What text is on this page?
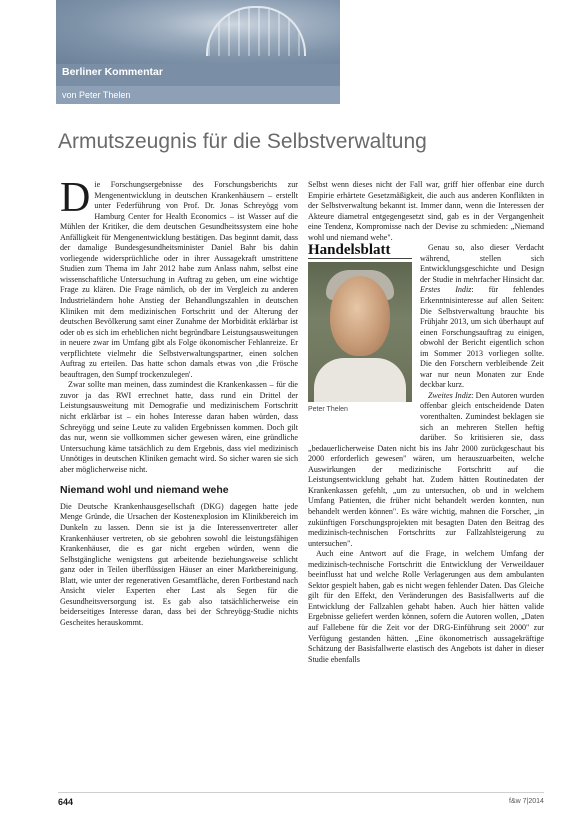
Berliner Kommentar
von Peter Thelen
Armutszeugnis für die Selbstverwaltung

Die Forschungsergebnisse des Forschungsberichts zur Mengenentwicklung in deutschen Krankenhäusern – erstellt unter Federführung von Prof. Dr. Jonas Schreyögg vom Hamburg Center for Health Economics – ist Wasser auf die Mühlen der Kritiker, die dem deutschen Gesundheitssystem eine hohe Anfälligkeit für Mengenentwicklung bestätigen. Das beginnt damit, dass der damalige Bundesgesundheitsminister Daniel Bahr bis dahin vorliegende widersprüchliche oder in ihrer Aussagekraft umstrittene Studien zum Thema im Jahr 2012 habe zum Anlass nahm, selbst eine wissenschaftliche Untersuchung in Auftrag zu geben, um eine wichtige Frage zu klären. Die Frage nämlich, ob der im Vergleich zu anderen Industrieländern hohe Anstieg der Behandlungszahlen in deutschen Kliniken mit dem medizinischen Fortschritt und der Alterung der deutschen Bevölkerung samt einer Zunahme der Morbidität erklärbar ist oder ob es sich im erheblichen nicht begründbare Leistungsausweitungen in neuere zwar im Umfang gibt als Folge ökonomischer Fehlanreize. Er verpflichtete vielmehr die Selbstverwaltungspartner, einen solchen Auftrag zu erteilen. Das hatte schon damals etwas von ‚die Frösche beauftragen, den Sumpf trockenzulegen'.

Zwar sollte man meinen, dass zumindest die Krankenkassen – für die zuvor ja das RWI errechnet hatte, dass rund ein Drittel der Leistungsausweitung mit Demografie und medizinischem Fortschritt nicht erklärbar ist – ein hohes Interesse daran haben würden, dass Schreyögg und seine Leute zu validen Ergebnissen kommen. Doch gilt das nur, wenn sie vollkommen sicher gewesen wären, eine gründliche Untersuchung käme tatsächlich zu dem Ergebnis, dass viel medizinisch Unnötiges in deutschen Kliniken gemacht wird. So sicher waren sie sich aber möglicherweise nicht.

Niemand wohl und niemand wehe

Die Deutsche Krankenhausgesellschaft (DKG) dagegen hatte jede Menge Gründe, die Ursachen der Kostenexplosion im Klinikbereich im Dunkeln zu lassen. Denn sie ist ja die Interessenvertreter aller Krankenhäuser vertreten, ob sie gebohren sowohl die leistungsfähigen Krankenhäuser, die es gar nicht ergeben würden, wenn die Selbstgängliche wenigstens gut arbeitende beziehungsweise schlicht ganz oder in Teilen überflüssigen Häuser an einer Marktbereinigung. Blatt, wie unter der regenerativen Gesamtfläche, deren Fortbestand nach Ansicht vieler Experten eher Last als Segen für die Gesundheitsversorgung ist. Es gab also tatsächlicherweise ein beiderseitiges Interesse daran, dass bei der Schreyögg-Studie nichts Gescheites herauskommt.

Selbst wenn dieses nicht der Fall war, griff hier offenbar eine durch Empirie erhärtete Gesetzmäßigkeit, die auch aus anderen Konflikten in der Selbstverwaltung bekannt ist. Immer dann, wenn die Interessen der Akteure diametral entgegengesetzt sind, gab es in der Vergangenheit eine Tendenz, Kompromisse nach der Devise zu schmieden: „Niemand wohl und niemand wehe".

Handelsblatt
Peter Thelen

Genau so, also dieser Verdacht während, stellen sich Entwicklungsgeschichte und Design der Studie in mehrfacher Hinsicht dar. Erstes Indiz: für fehlendes Erkenntnisinteresse auf allen Seiten: Die Selbstverwaltung brauchte bis Frühjahr 2013, um sich überhaupt auf einen Forschungsauftrag zu einigen, obwohl der Bericht eigentlich schon im Sommer 2013 vorliegen sollte. Die den Forschern verbleibende Zeit war nur neun Monaten zur Ende deckbar kurz.

Zweites Indiz: Den Autoren wurden offenbar gleich entscheidende Daten vorenthalten. Zumindest beklagen sie sich an mehreren Stellen heftig darüber. So kritisieren sie, dass „bedauerlicherweise Daten nicht bis ins Jahr 2000 zurückgeschaut bis 2000 erforderlich gewesen" wären, um herauszuarbeiten, welche Auswirkungen der medizinische Fortschritt auf die Leistungsentwicklung gehabt hat. Zudem hätten Routinedaten der Krankenkassen gefehlt, „um zu untersuchen, ob und in welchem Umfang Patienten, die früher nicht behandelt werden konnten, nun behandelt werden können". Es wäre wichtig, mahnen die Forscher, „in zukünftigen Forschungsprojekten mit besagten Daten den Beitrag des medizinisch-technischen Fortschritts zur Fallzahlsteigerung zu untersuchen".

Auch eine Antwort auf die Frage, in welchem Umfang der medizinisch-technische Fortschritt die Entwicklung der Verweildauer beeinflusst hat und welche Rolle Verlagerungen aus dem ambulanten Sektor gespielt haben, gab es nicht wegen fehlender Daten. Das Gleiche gilt für den Effekt, den Veränderungen des Basisfallwerts auf die Entwicklung der Fallzahlen gehabt haben. Auch hier hätten valide Ergebnisse geliefert werden können, sofern die Autoren wollen, „Daten auf Fallebene für die Zeit vor der DRG-Einführung seit 2000" zur Verfügung gestanden hätten. „Eine ökonometrisch aussagekräftige Schätzung der Basisfallwerte elastisch des Angebots ist daher in dieser Studie ebenfalls

644	f&w 7|2014
